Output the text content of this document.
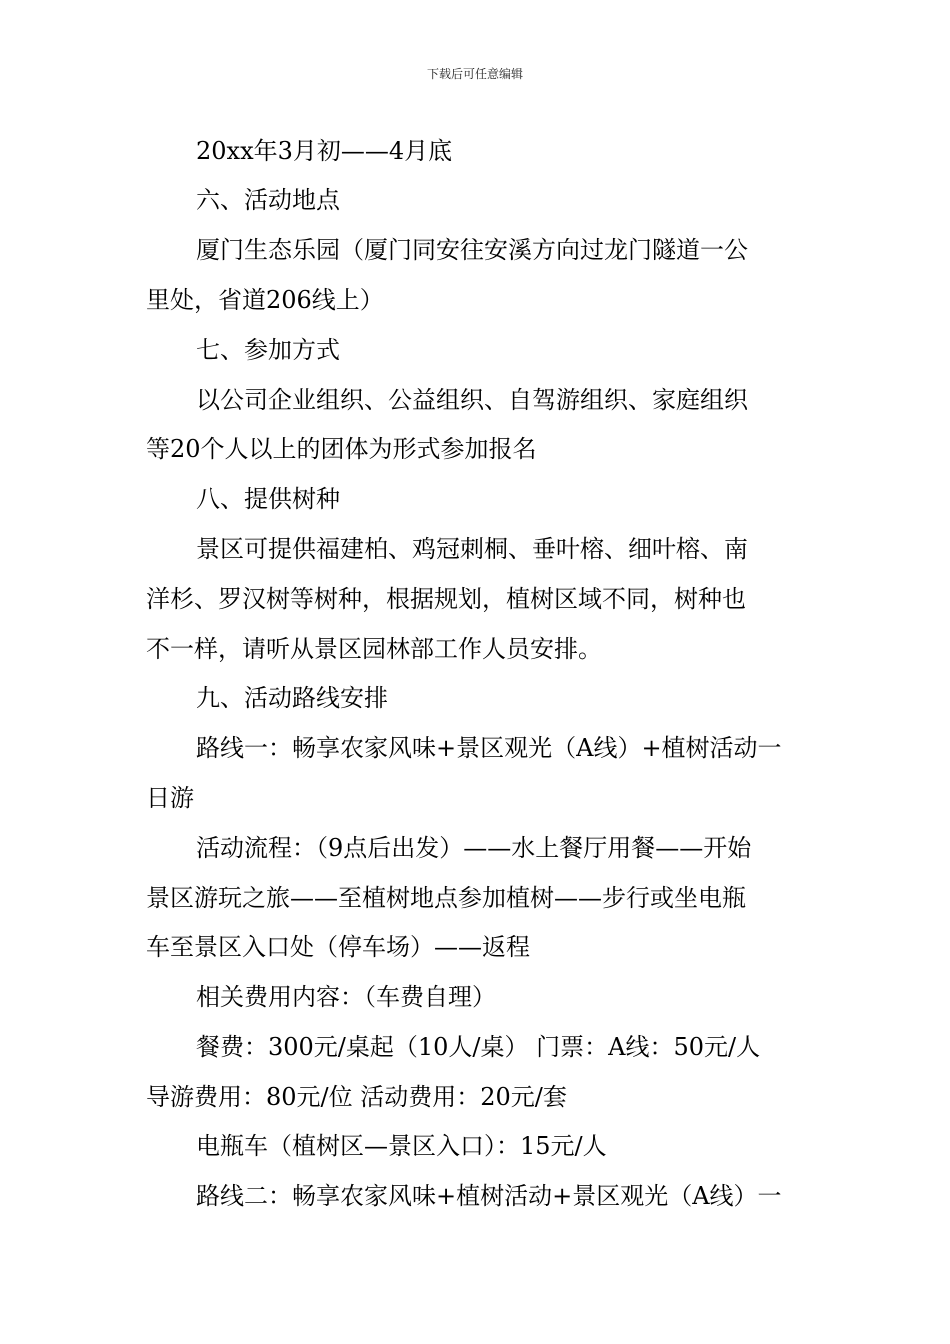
下载后可任意编辑
20xx年3月初——4月底
六、活动地点
厦门生态乐园（厦门同安往安溪方向过龙门隧道一公
里处，省道206线上）
七、参加方式
以公司企业组织、公益组织、自驾游组织、家庭组织
等20个人以上的团体为形式参加报名
八、提供树种
景区可提供福建柏、鸡冠刺桐、垂叶榕、细叶榕、南
洋杉、罗汉树等树种，根据规划，植树区域不同，树种也
不一样，请听从景区园林部工作人员安排。
九、活动路线安排
路线一：畅享农家风味+景区观光（A线）+植树活动一
日游
活动流程：（9点后出发）——水上餐厅用餐——开始
景区游玩之旅——至植树地点参加植树——步行或坐电瓶
车至景区入口处（停车场）——返程
相关费用内容：（车费自理）
餐费：300元/桌起（10人/桌） 门票：A线：50元/人
导游费用：80元/位 活动费用：20元/套
电瓶车（植树区—景区入口）：15元/人
路线二：畅享农家风味+植树活动+景区观光（A线）一
